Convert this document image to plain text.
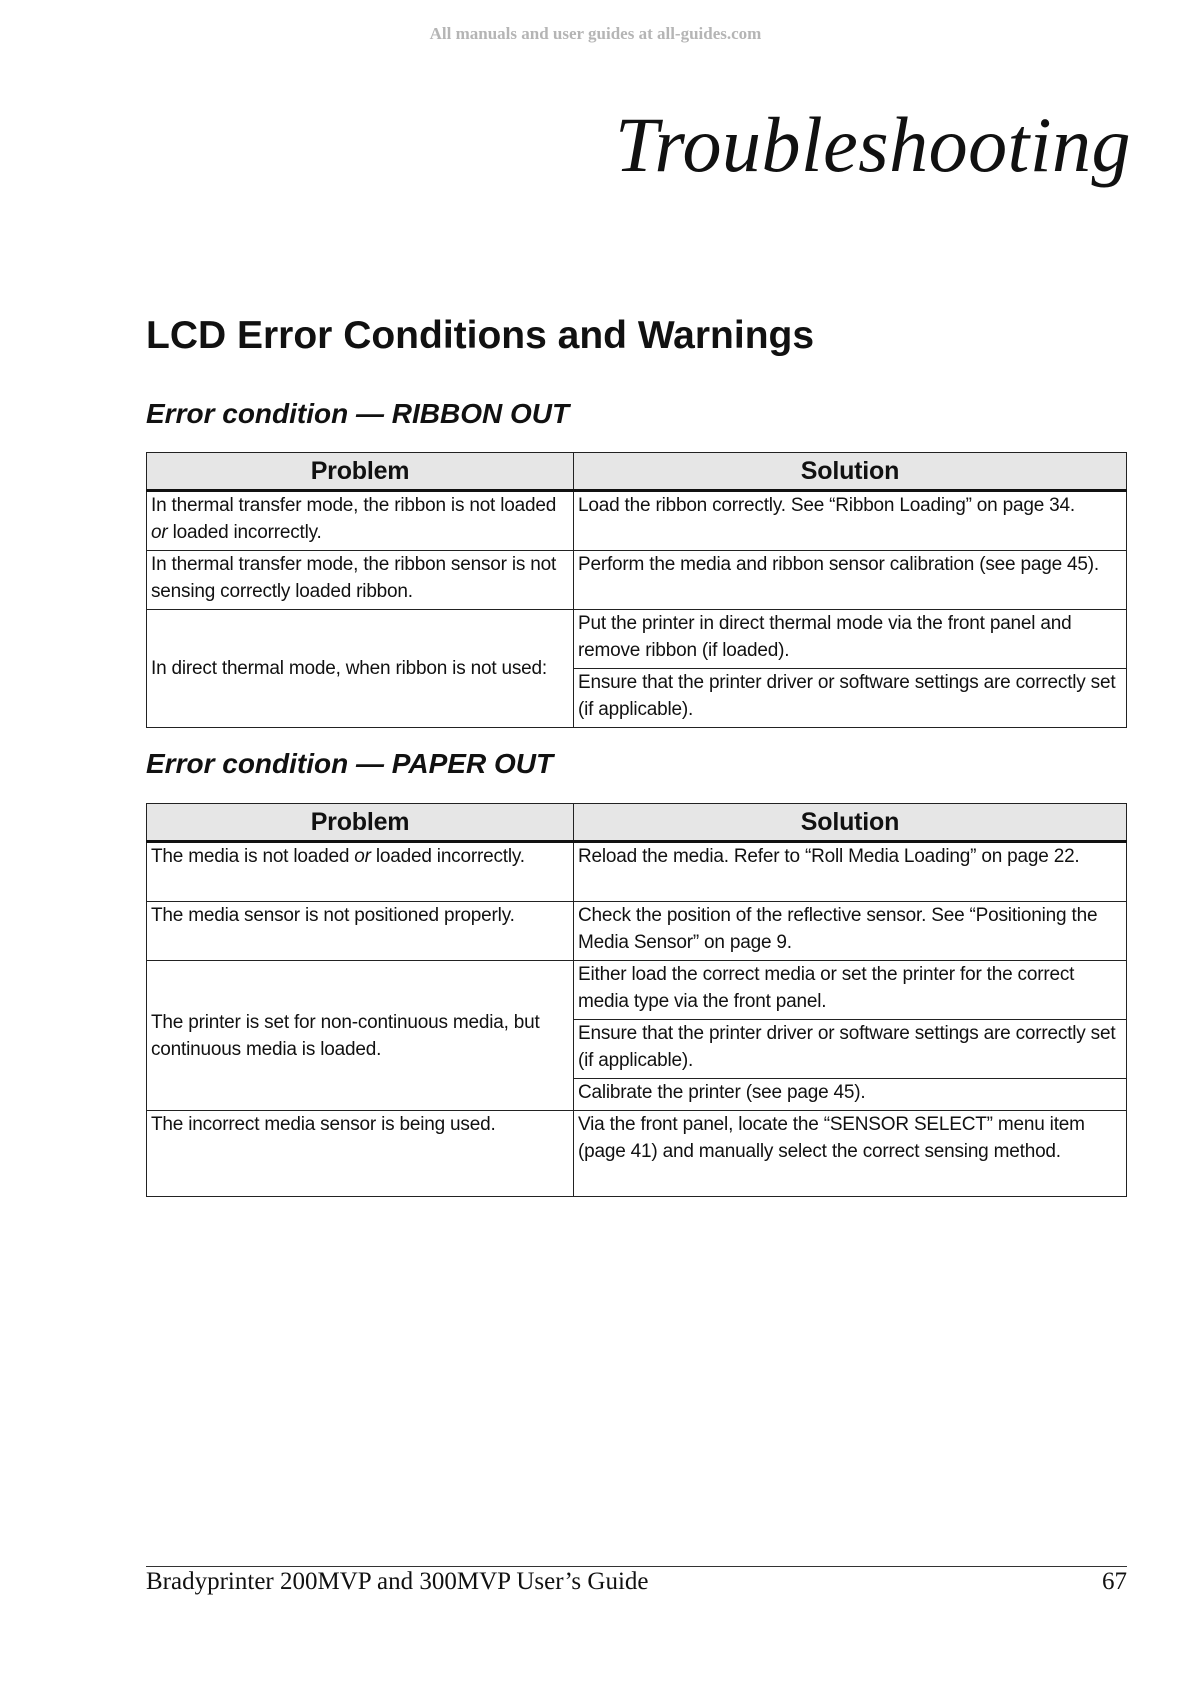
All manuals and user guides at all-guides.com
Troubleshooting
LCD Error Conditions and Warnings
Error condition — RIBBON OUT
Problem	Solution
In thermal transfer mode, the ribbon is not loaded or loaded incorrectly.	Load the ribbon correctly. See “Ribbon Loading” on page 34.
In thermal transfer mode, the ribbon sensor is not sensing correctly loaded ribbon.	Perform the media and ribbon sensor calibration (see page 45).
In direct thermal mode, when ribbon is not used:	Put the printer in direct thermal mode via the front panel and remove ribbon (if loaded).
	Ensure that the printer driver or software settings are correctly set (if applicable).
Error condition — PAPER OUT
Problem	Solution
The media is not loaded or loaded incorrectly.	Reload the media. Refer to “Roll Media Loading” on page 22.
The media sensor is not positioned properly.	Check the position of the reflective sensor. See “Positioning the Media Sensor” on page 9.
The printer is set for non-continuous media, but continuous media is loaded.	Either load the correct media or set the printer for the correct media type via the front panel.
	Ensure that the printer driver or software settings are correctly set (if applicable).
	Calibrate the printer (see page 45).
The incorrect media sensor is being used.	Via the front panel, locate the “SENSOR SELECT” menu item (page 41) and manually select the correct sensing method.
Bradyprinter 200MVP and 300MVP User’s Guide	67
